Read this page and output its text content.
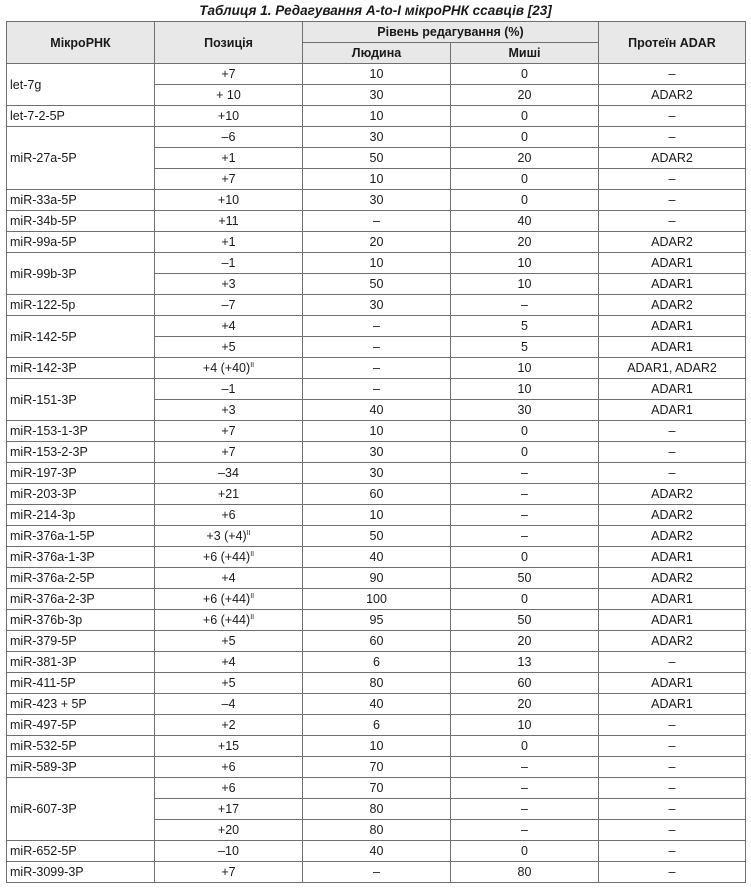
Таблиця 1. Редагування A-to-I мікроРНК ссавців [23]
МікроРНК	Позиція	Рівень редагування (%)		Протеїн ADAR
		Людина	Миші	
let-7g	+7	10	0	–
	+ 10	30	20	ADAR2
let-7-2-5P	+10	10	0	–
miR-27a-5P	–6	30	0	–
	+1	50	20	ADAR2
	+7	10	0	–
miR-33a-5P	+10	30	0	–
miR-34b-5P	+11	–	40	–
miR-99a-5P	+1	20	20	ADAR2
miR-99b-3P	–1	10	10	ADAR1
	+3	50	10	ADAR1
miR-122-5p	–7	30	–	ADAR2
miR-142-5P	+4	–	5	ADAR1
	+5	–	5	ADAR1
miR-142-3P	+4 $(+40)^{II}$	–	10	ADAR1, ADAR2
miR-151-3P	–1	–	10	ADAR1
	+3	40	30	ADAR1
miR-153-1-3P	+7	10	0	–
miR-153-2-3P	+7	30	0	–
miR-197-3P	–34	30	–	–
miR-203-3P	+21	60	–	ADAR2
miR-214-3p	+6	10	–	ADAR2
miR-376a-1-5P	+3 $(+4)^{II}$	50	–	ADAR2
miR-376a-1-3P	+6 $(+44)^{II}$	40	0	ADAR1
miR-376a-2-5P	+4	90	50	ADAR2
miR-376a-2-3P	+6 $(+44)^{II}$	100	0	ADAR1
miR-376b-3p	+6 $(+44)^{II}$	95	50	ADAR1
miR-379-5P	+5	60	20	ADAR2
miR-381-3P	+4	6	13	–
miR-411-5P	+5	80	60	ADAR1
miR-423 + 5P	–4	40	20	ADAR1
miR-497-5P	+2	6	10	–
miR-532-5P	+15	10	0	–
miR-589-3P	+6	70	–	–
miR-607-3P	+6	70	–	–
	+17	80	–	–
	+20	80	–	–
miR-652-5P	–10	40	0	–
miR-3099-3P	+7	–	80	–
